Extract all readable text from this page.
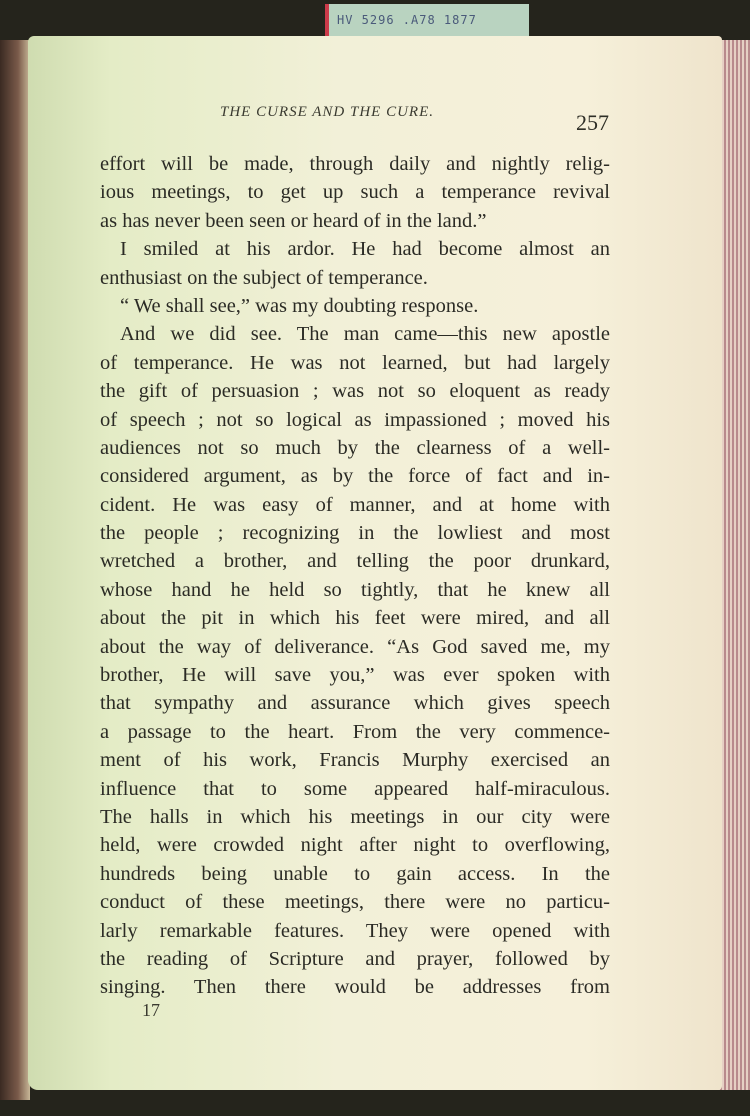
HV 5296 .A78 1877
THE CURSE AND THE CURE.	257
effort will be made, through daily and nightly relig-
ious meetings, to get up such a temperance revival
as has never been seen or heard of in the land.”
I smiled at his ardor. He had become almost an
enthusiast on the subject of temperance.
“ We shall see,” was my doubting response.
And we did see. The man came—this new apostle
of temperance. He was not learned, but had largely
the gift of persuasion ; was not so eloquent as ready
of speech ; not so logical as impassioned ; moved his
audiences not so much by the clearness of a well-
considered argument, as by the force of fact and in-
cident. He was easy of manner, and at home with
the people ; recognizing in the lowliest and most
wretched a brother, and telling the poor drunkard,
whose hand he held so tightly, that he knew all
about the pit in which his feet were mired, and all
about the way of deliverance. “As God saved me, my
brother, He will save you,” was ever spoken with
that sympathy and assurance which gives speech
a passage to the heart. From the very commence-
ment of his work, Francis Murphy exercised an
influence that to some appeared half-miraculous.
The halls in which his meetings in our city were
held, were crowded night after night to overflowing,
hundreds being unable to gain access. In the
conduct of these meetings, there were no particu-
larly remarkable features. They were opened with
the reading of Scripture and prayer, followed by
singing. Then there would be addresses from
17
